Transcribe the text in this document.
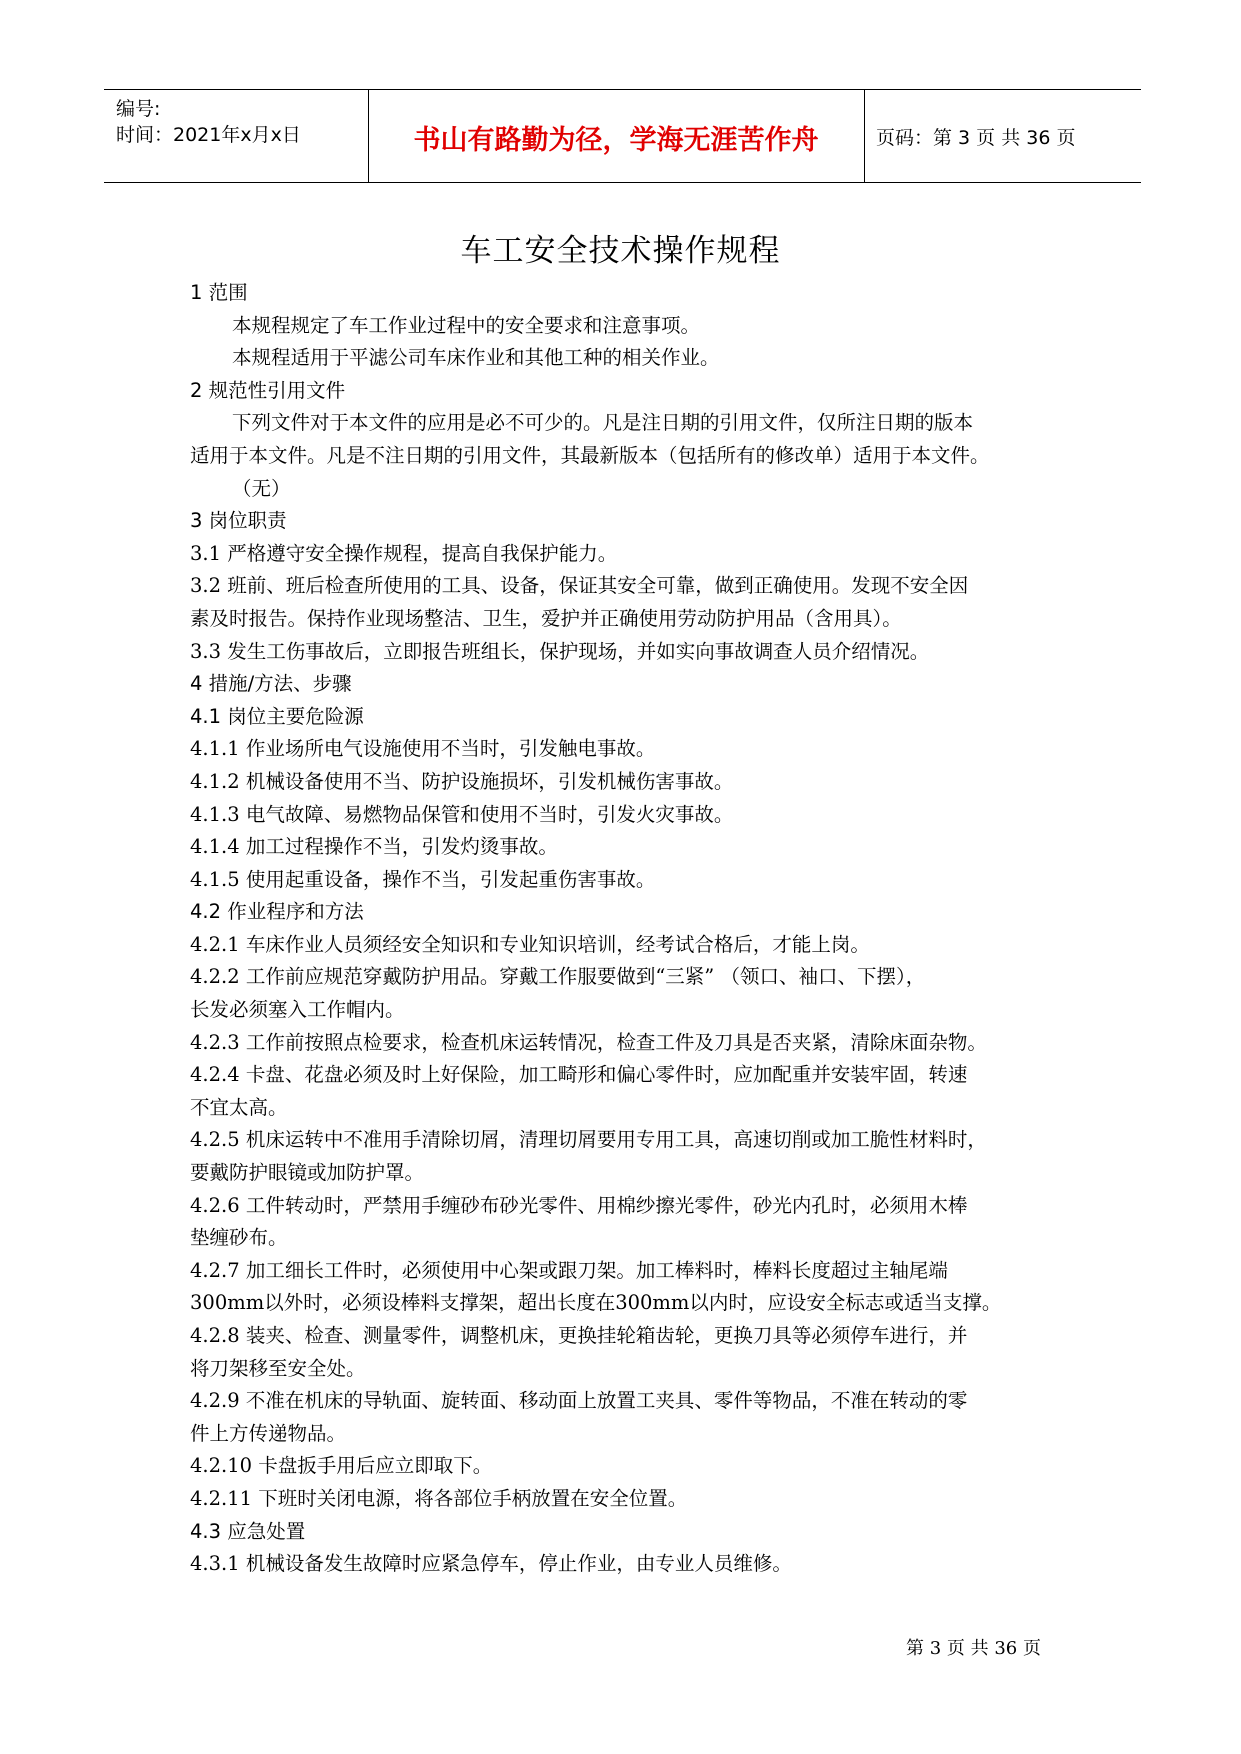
编号:
时间：2021年x月x日	书山有路勤为径，学海无涯苦作舟	页码：第 3 页 共 36 页
车工安全技术操作规程
1 范围
本规程规定了车工作业过程中的安全要求和注意事项。
本规程适用于平滤公司车床作业和其他工种的相关作业。
2 规范性引用文件
下列文件对于本文件的应用是必不可少的。凡是注日期的引用文件，仅所注日期的版本
适用于本文件。凡是不注日期的引用文件，其最新版本（包括所有的修改单）适用于本文件。
（无）
3 岗位职责
3.1 严格遵守安全操作规程，提高自我保护能力。
3.2 班前、班后检查所使用的工具、设备，保证其安全可靠，做到正确使用。发现不安全因
素及时报告。保持作业现场整洁、卫生，爱护并正确使用劳动防护用品（含用具）。
3.3 发生工伤事故后，立即报告班组长，保护现场，并如实向事故调查人员介绍情况。
4 措施/方法、步骤
4.1 岗位主要危险源
4.1.1 作业场所电气设施使用不当时，引发触电事故。
4.1.2 机械设备使用不当、防护设施损坏，引发机械伤害事故。
4.1.3 电气故障、易燃物品保管和使用不当时，引发火灾事故。
4.1.4 加工过程操作不当，引发灼烫事故。
4.1.5 使用起重设备，操作不当，引发起重伤害事故。
4.2 作业程序和方法
4.2.1 车床作业人员须经安全知识和专业知识培训，经考试合格后，才能上岗。
4.2.2 工作前应规范穿戴防护用品。穿戴工作服要做到“三紧” （领口、袖口、下摆），
长发必须塞入工作帽内。
4.2.3 工作前按照点检要求，检查机床运转情况，检查工件及刀具是否夹紧，清除床面杂物。
4.2.4 卡盘、花盘必须及时上好保险，加工畸形和偏心零件时，应加配重并安装牢固，转速
不宜太高。
4.2.5 机床运转中不准用手清除切屑，清理切屑要用专用工具，高速切削或加工脆性材料时，
要戴防护眼镜或加防护罩。
4.2.6 工件转动时，严禁用手缠砂布砂光零件、用棉纱擦光零件，砂光内孔时，必须用木棒
垫缠砂布。
4.2.7 加工细长工件时，必须使用中心架或跟刀架。加工棒料时，棒料长度超过主轴尾端
300mm以外时，必须设棒料支撑架，超出长度在300mm以内时，应设安全标志或适当支撑。
4.2.8 装夹、检查、测量零件，调整机床，更换挂轮箱齿轮，更换刀具等必须停车进行，并
将刀架移至安全处。
4.2.9 不准在机床的导轨面、旋转面、移动面上放置工夹具、零件等物品，不准在转动的零
件上方传递物品。
4.2.10 卡盘扳手用后应立即取下。
4.2.11 下班时关闭电源，将各部位手柄放置在安全位置。
4.3 应急处置
4.3.1 机械设备发生故障时应紧急停车，停止作业，由专业人员维修。
第 3 页 共 36 页
